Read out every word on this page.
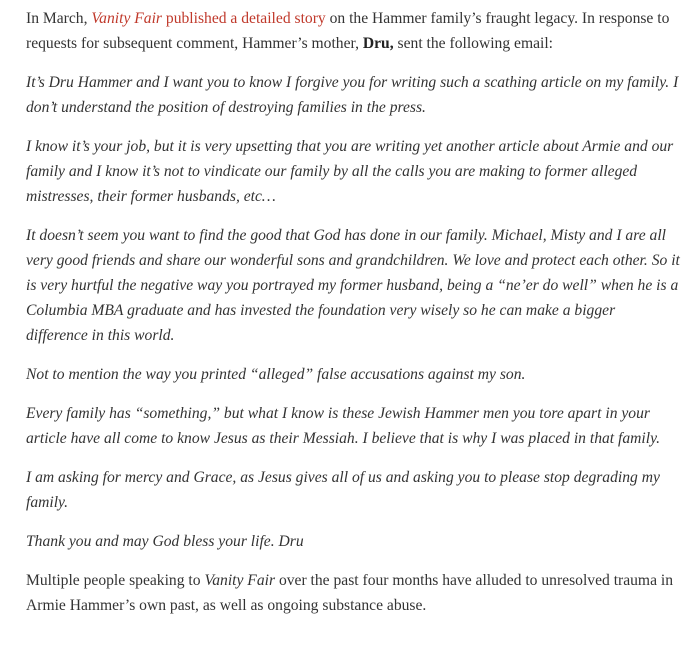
In March, Vanity Fair published a detailed story on the Hammer family’s fraught legacy. In response to requests for subsequent comment, Hammer’s mother, Dru, sent the following email:

It’s Dru Hammer and I want you to know I forgive you for writing such a scathing article on my family. I don’t understand the position of destroying families in the press.

I know it’s your job, but it is very upsetting that you are writing yet another article about Armie and our family and I know it’s not to vindicate our family by all the calls you are making to former alleged mistresses, their former husbands, etc…

It doesn’t seem you want to find the good that God has done in our family. Michael, Misty and I are all very good friends and share our wonderful sons and grandchildren. We love and protect each other. So it is very hurtful the negative way you portrayed my former husband, being a “ne’er do well” when he is a Columbia MBA graduate and has invested the foundation very wisely so he can make a bigger difference in this world.

Not to mention the way you printed “alleged” false accusations against my son.

Every family has “something,” but what I know is these Jewish Hammer men you tore apart in your article have all come to know Jesus as their Messiah. I believe that is why I was placed in that family.

I am asking for mercy and Grace, as Jesus gives all of us and asking you to please stop degrading my family.

Thank you and may God bless your life. Dru

Multiple people speaking to Vanity Fair over the past four months have alluded to unresolved trauma in Armie Hammer’s own past, as well as ongoing substance abuse.
